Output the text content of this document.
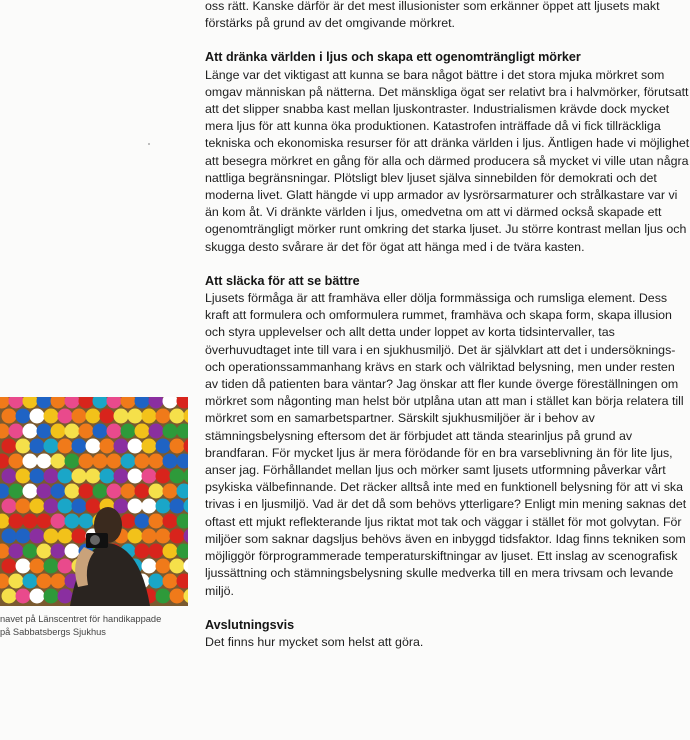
oss rätt. Kanske därför är det mest illusionister som erkänner öppet att ljusets makt förstärks på grund av det omgivande mörkret.

Att dränka världen i ljus och skapa ett ogenomträngligt mörker

Länge var det viktigast att kunna se bara något bättre i det stora mjuka mörkret som omgav människan på nätterna. Det mänskliga ögat ser relativt bra i halvmörker, förutsatt att det slipper snabba kast mellan ljuskontraster. Industrialismen krävde dock mycket mera ljus för att kunna öka produktionen. Katastrofen inträffade då vi fick tillräckliga tekniska och ekonomiska resurser för att dränka världen i ljus. Äntligen hade vi möjlighet att besegra mörkret en gång för alla och därmed producera så mycket vi ville utan några nattliga begränsningar. Plötsligt blev ljuset själva sinnebilden för demokrati och det moderna livet. Glatt hängde vi upp armador av lysrörsarmaturer och strålkastare var vi än kom åt. Vi dränkte världen i ljus, omedvetna om att vi därmed också skapade ett ogenomträngligt mörker runt omkring det starka ljuset. Ju större kontrast mellan ljus och skugga desto svårare är det för ögat att hänga med i de tvära kasten.

Att släcka för att se bättre

Ljusets förmåga är att framhäva eller dölja formmässiga och rumsliga element. Dess kraft att formulera och omformulera rummet, framhäva och skapa form, skapa illusion och styra upplevelser och allt detta under loppet av korta tidsintervaller, tas överhuvudtaget inte till vara i en sjukhusmiljö. Det är självklart att det i undersöknings- och operationssammanhang krävs en stark och välriktad belysning, men under resten av tiden då patienten bara väntar? Jag önskar att fler kunde överge föreställningen om mörkret som någonting man helst bör utplåna utan att man i stället kan börja relatera till mörkret som en samarbetspartner. Särskilt sjukhusmiljöer är i behov av stämningsbelysning eftersom det är förbjudet att tända stearinljus på grund av brandfaran. För mycket ljus är mera förödande för en bra varseblivning än för lite ljus, anser jag. Förhållandet mellan ljus och mörker samt ljusets utformning påverkar vårt psykiska välbefinnande. Det räcker alltså inte med en funktionell belysning för att vi ska trivas i en ljusmiljö. Vad är det då som behövs ytterligare? Enligt min mening saknas det oftast ett mjukt reflekterande ljus riktat mot tak och väggar i stället för mot golvytan. För miljöer som saknar dagsljus behövs även en inbyggd tidsfaktor. Idag finns tekniken som möjliggör förprogrammerade temperaturskiftningar av ljuset. Ett inslag av scenografisk ljussättning och stämningsbelysning skulle medverka till en mera trivsam och levande miljö.

Avslutningsvis

Det finns hur mycket som helst att göra.

navet på Länscentret för handikappade
på Sabbatsbergs Sjukhus
